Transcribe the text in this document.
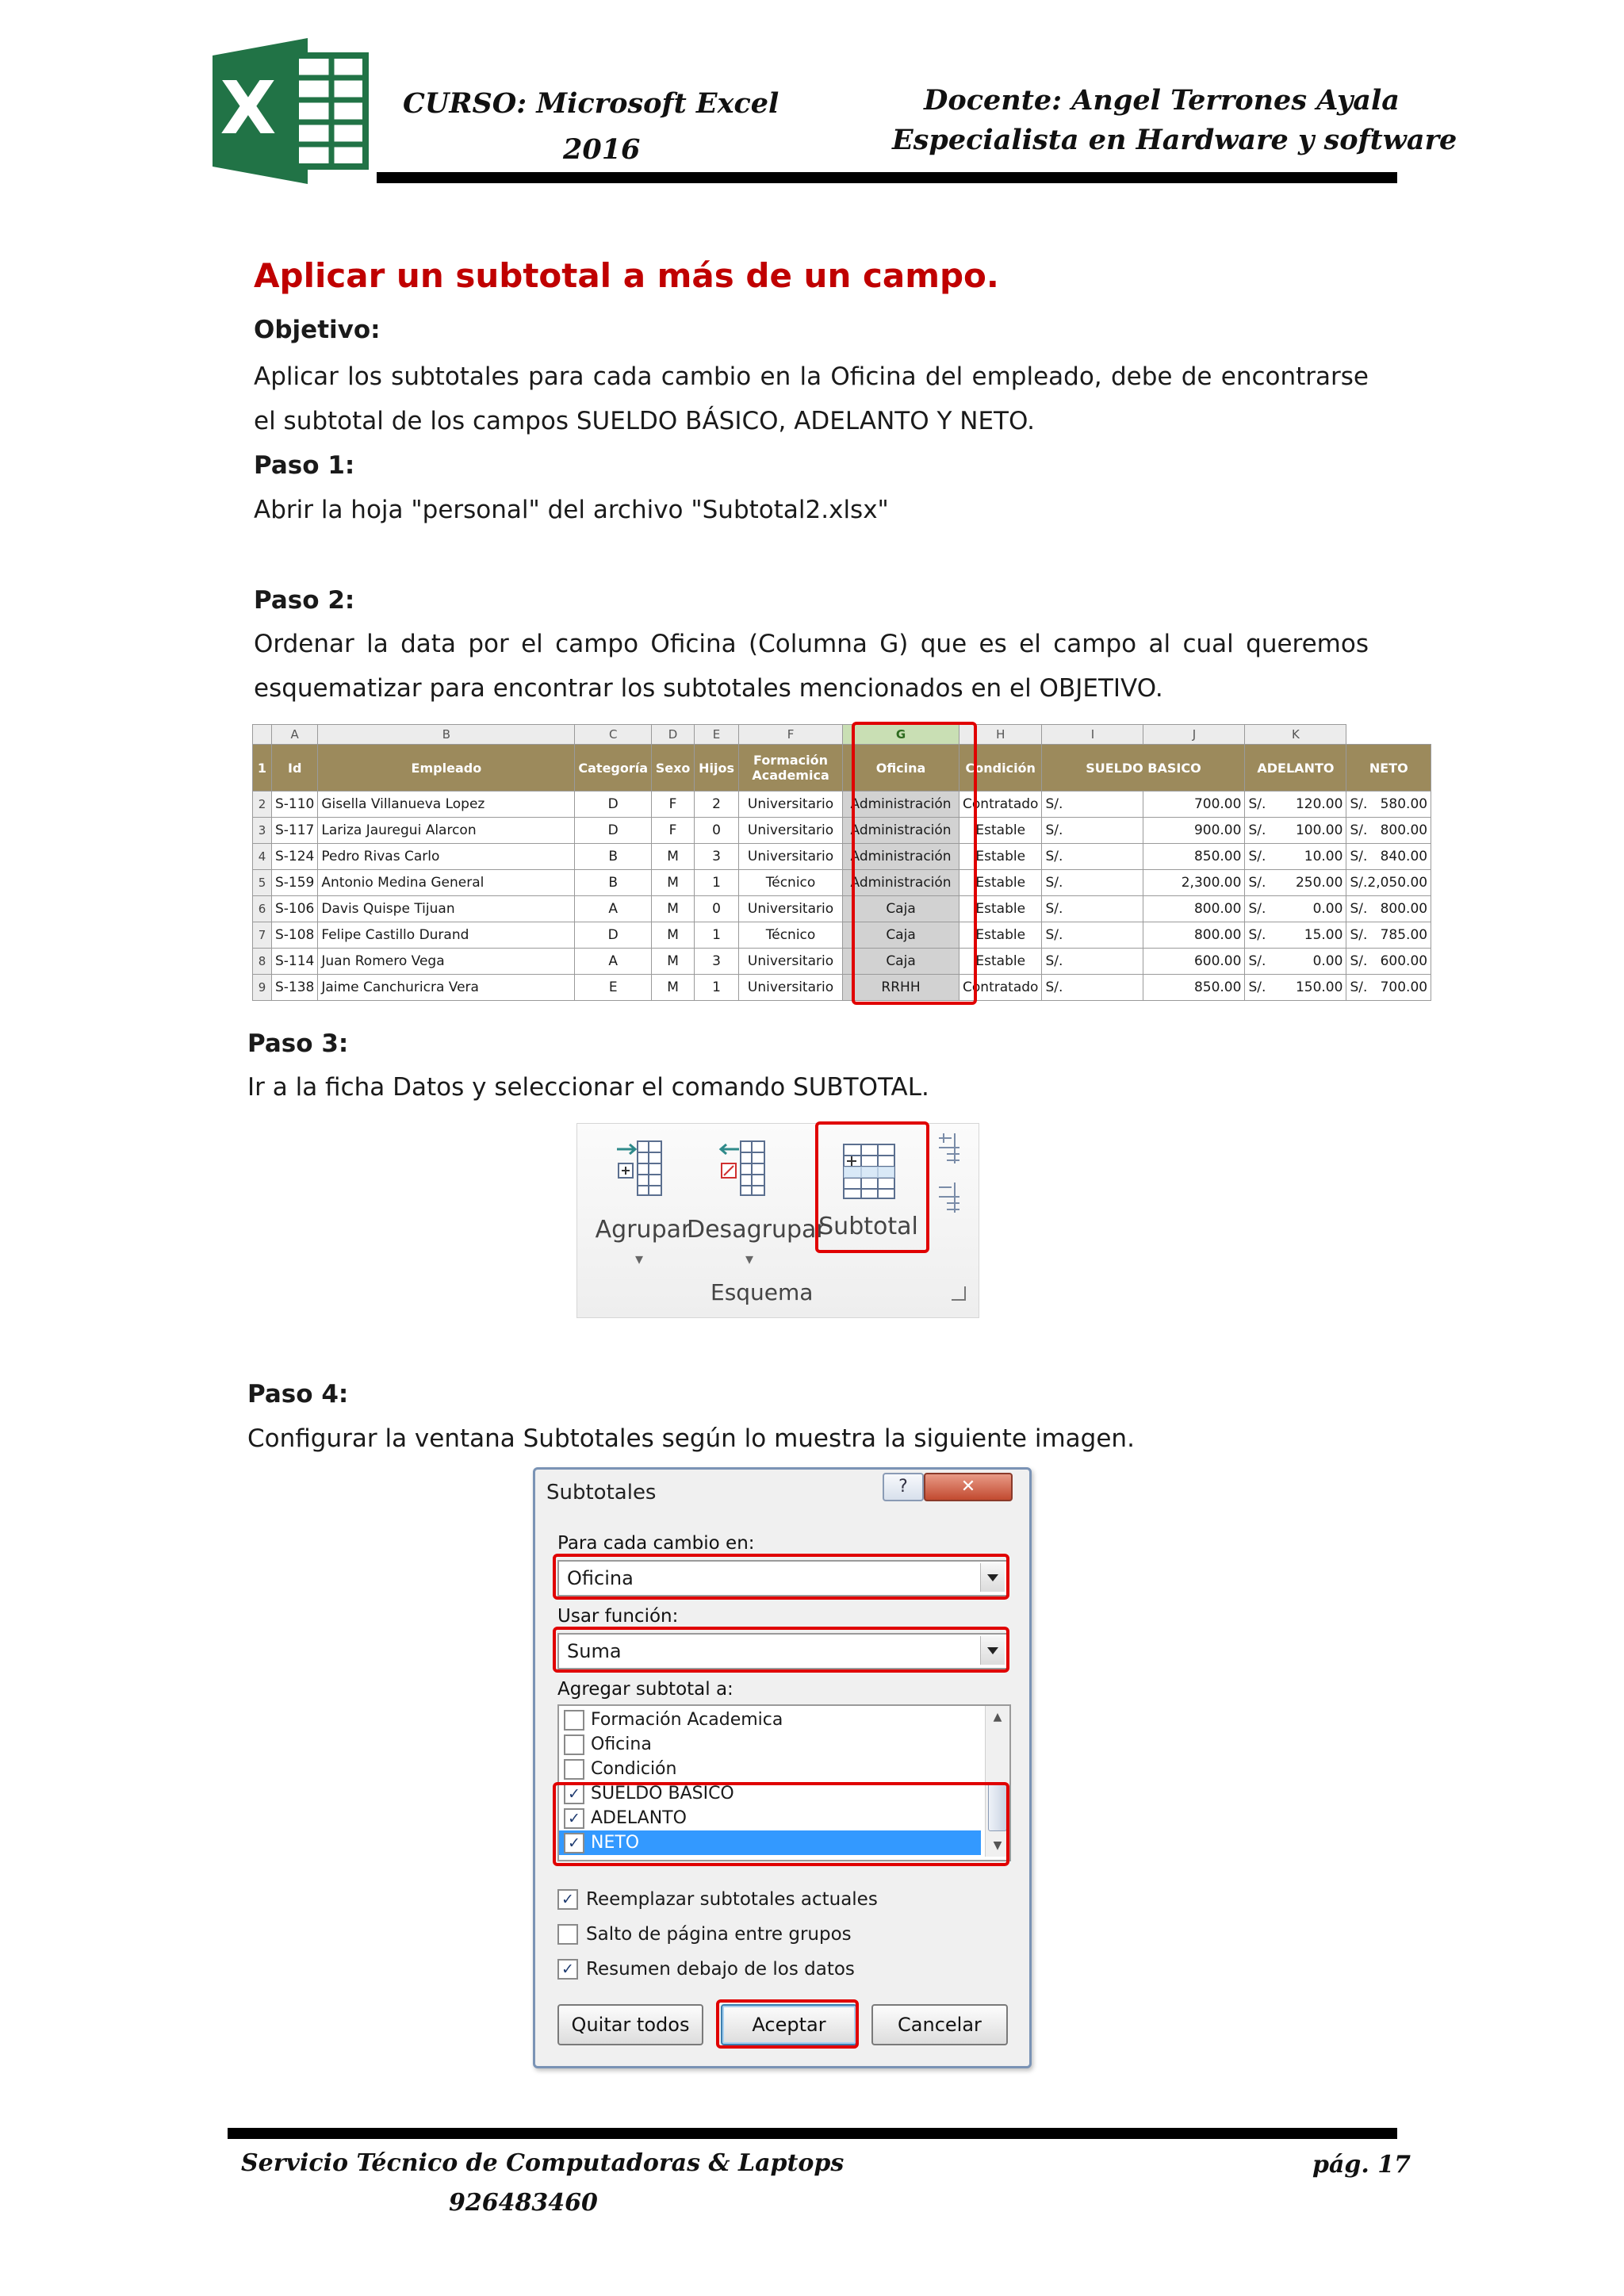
X	CURSO: Microsoft Excel
2016
Docente: Angel Terrones Ayala
Especialista en Hardware y software
Aplicar un subtotal a más de un campo.
Objetivo:
Aplicar los subtotales para cada cambio en la Oficina del empleado, debe de encontrarse
el subtotal de los campos SUELDO BÁSICO, ADELANTO Y NETO.
Paso 1:
Abrir la hoja "personal" del archivo "Subtotal2.xlsx"
Paso 2:
Ordenar la data por el campo Oficina (Columna G) que es el campo al cual queremos
esquematizar para encontrar los subtotales mencionados en el OBJETIVO.
	A	B	C	D	E	F	G	H	I	J	K	
1	Id	Empleado	Categoría	Sexo	Hijos	Formación Academica	Oficina	Condición	SUELDO BASICO		ADELANTO	NETO
2	S-110	Gisella Villanueva Lopez	D	F	2	Universitario	Administración	Contratado	S/.	700.00	S/. 120.00	S/. 580.00

3	S-117	Lariza Jauregui Alarcon	D	F	0	Universitario	Administración	Estable	S/.	900.00	S/. 100.00	S/. 800.00

4	S-124	Pedro Rivas Carlo	B	M	3	Universitario	Administración	Estable	S/.	850.00	S/. 10.00	S/. 840.00

5	S-159	Antonio Medina General	B	M	1	Técnico	Administración	Estable	S/.	2,300.00	S/. 250.00	S/. 2,050.00

6	S-106	Davis Quispe Tijuan	A	M	0	Universitario	Caja	Estable	S/.	800.00	S/. 0.00	S/. 800.00

7	S-108	Felipe Castillo Durand	D	M	1	Técnico	Caja	Estable	S/.	800.00	S/. 15.00	S/. 785.00

8	S-114	Juan Romero Vega	A	M	3	Universitario	Caja	Estable	S/.	600.00	S/. 0.00	S/. 600.00

9	S-138	Jaime Canchuricra Vera	E	M	1	Universitario	RRHH	Contratado	S/.	850.00	S/. 150.00	S/. 700.00
Paso 3:
Ir a la ficha Datos y seleccionar el comando SUBTOTAL.
Agrupar
▾
Desagrupar
▾
Subtotal
Esquema
Paso 4:
Configurar la ventana Subtotales según lo muestra la siguiente imagen.
Subtotales	?	✕
Para cada cambio en:
Oficina
Usar función:
Suma
Agregar subtotal a:
Formación Academica
Oficina
Condición
✓ SUELDO BASICO
✓ ADELANTO
✓ NETO
▲
▼
✓ Reemplazar subtotales actuales
Salto de página entre grupos
✓ Resumen debajo de los datos
Quitar todos	Aceptar	Cancelar
Servicio Técnico de Computadoras & Laptops
926483460
pág. 17
